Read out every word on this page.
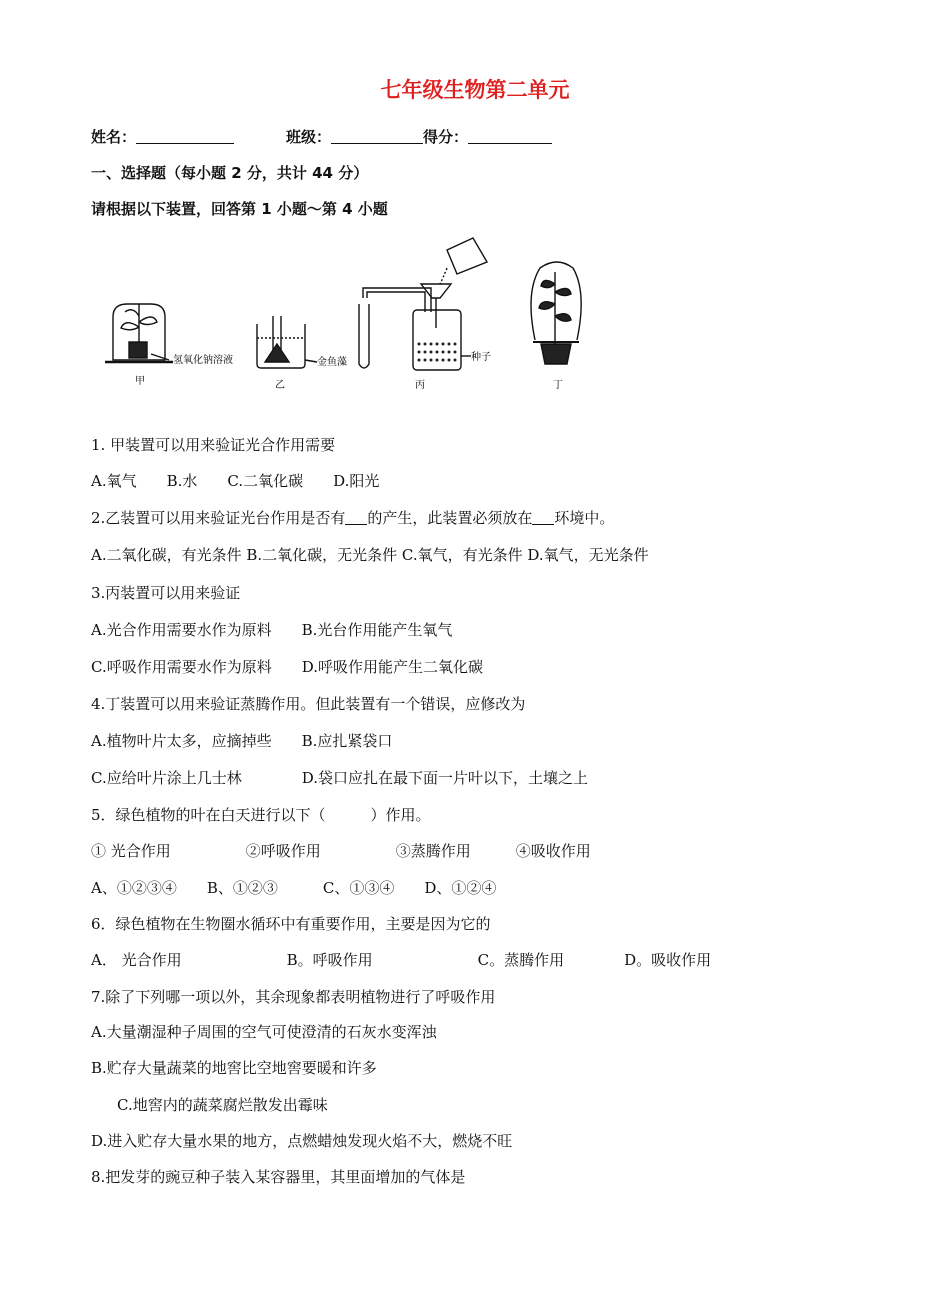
七年级生物第二单元
姓名：	班级：	得分：
一、选择题（每小题 2 分，共计 44 分）
请根据以下装置，回答第 1 小题～第 4 小题
氢氧化钠溶液	金鱼藻	种子
甲	乙	丙	丁
1. 甲装置可以用来验证光合作用需要
A.氧气　　B.水　　C.二氧化碳　　D.阳光
2.乙装置可以用来验证光台作用是否有 的产生，此装置必须放在 环境中。
A.二氧化碳，有光条件 B.二氧化碳，无光条件 C.氧气，有光条件 D.氧气，无光条件
3.丙装置可以用来验证
A.光合作用需要水作为原料　　B.光台作用能产生氧气
C.呼吸作用需要水作为原料　　D.呼吸作用能产生二氧化碳
4.丁装置可以用来验证蒸腾作用。但此装置有一个错误，应修改为
A.植物叶片太多，应摘掉些　　B.应扎紧袋口
C.应给叶片涂上几士林　　　　D.袋口应扎在最下面一片叶以下，土壤之上
5．绿色植物的叶在白天进行以下（　　　）作用。
① 光合作用　　　　　②呼吸作用　　　　　③蒸腾作用　　　④吸收作用
A、①②③④　　B、①②③　　　C、①③④　　D、①②④
6．绿色植物在生物圈水循环中有重要作用，主要是因为它的
A． 光合作用　　　　　　　B。呼吸作用　　　　　　　C。蒸腾作用　　　　D。吸收作用
7.除了下列哪一项以外，其余现象都表明植物进行了呼吸作用
A.大量潮湿种子周围的空气可使澄清的石灰水变浑浊
B.贮存大量蔬菜的地窖比空地窖要暖和许多
C.地窖内的蔬菜腐烂散发出霉味
D.进入贮存大量水果的地方，点燃蜡烛发现火焰不大，燃烧不旺
8.把发芽的豌豆种子装入某容器里，其里面增加的气体是
